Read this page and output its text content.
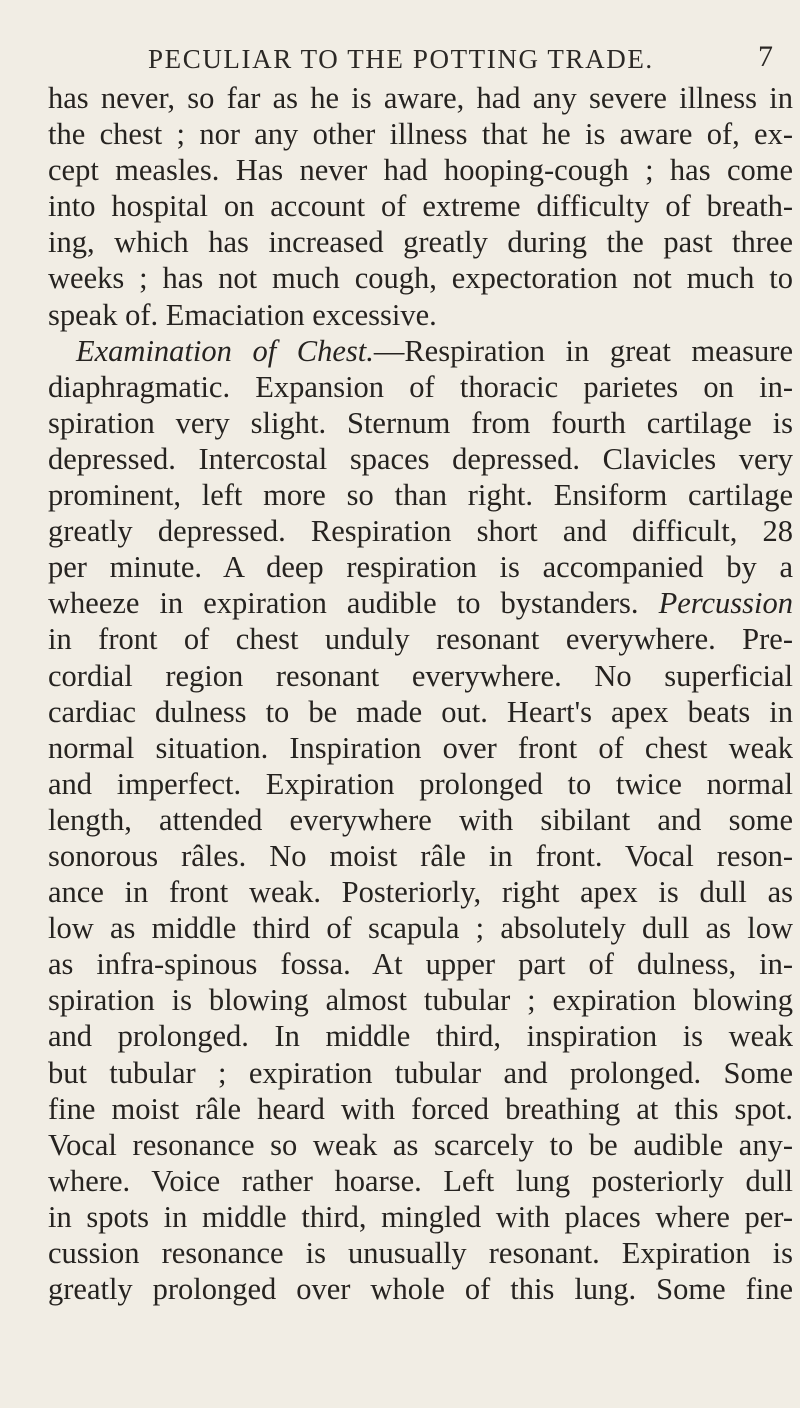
PECULIAR TO THE POTTING TRADE.	7
has never, so far as he is aware, had any severe illness in
the chest ; nor any other illness that he is aware of, ex-
cept measles. Has never had hooping-cough ; has come
into hospital on account of extreme difficulty of breath-
ing, which has increased greatly during the past three
weeks ; has not much cough, expectoration not much to
speak of. Emaciation excessive.
Examination of Chest.—Respiration in great measure
diaphragmatic. Expansion of thoracic parietes on in-
spiration very slight. Sternum from fourth cartilage is
depressed. Intercostal spaces depressed. Clavicles very
prominent, left more so than right. Ensiform cartilage
greatly depressed. Respiration short and difficult, 28
per minute. A deep respiration is accompanied by a
wheeze in expiration audible to bystanders. Percussion
in front of chest unduly resonant everywhere. Pre-
cordial region resonant everywhere. No superficial
cardiac dulness to be made out. Heart's apex beats in
normal situation. Inspiration over front of chest weak
and imperfect. Expiration prolonged to twice normal
length, attended everywhere with sibilant and some
sonorous râles. No moist râle in front. Vocal reson-
ance in front weak. Posteriorly, right apex is dull as
low as middle third of scapula ; absolutely dull as low
as infra-spinous fossa. At upper part of dulness, in-
spiration is blowing almost tubular ; expiration blowing
and prolonged. In middle third, inspiration is weak
but tubular ; expiration tubular and prolonged. Some
fine moist râle heard with forced breathing at this spot.
Vocal resonance so weak as scarcely to be audible any-
where. Voice rather hoarse. Left lung posteriorly dull
in spots in middle third, mingled with places where per-
cussion resonance is unusually resonant. Expiration is
greatly prolonged over whole of this lung. Some fine
